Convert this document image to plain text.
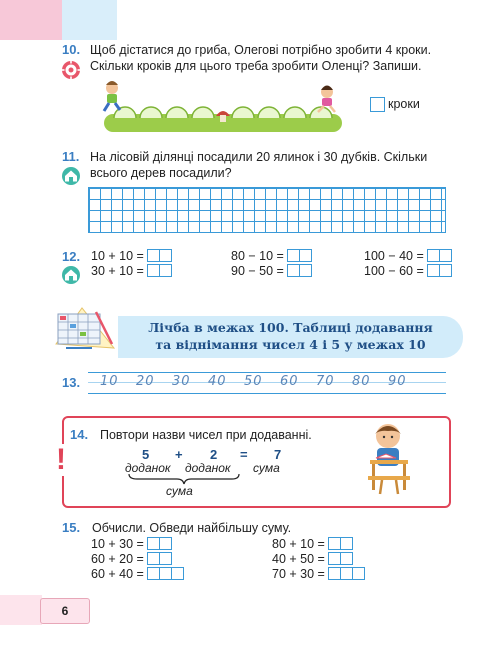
10. Щоб дістатися до гриба, Олегові потрібно зробити 4 кроки.
Скільки кроків для цього треба зробити Оленці? Запиши.
кроки
11. На лісовій ділянці посадили 20 ялинок і 30 дубків. Скільки
всього дерев посадили?
12. 10 + 10 =
30 + 10 =
80 − 10 =
90 − 50 =
100 − 40 =
100 − 60 =
Лічба в межах 100. Таблиці додавання
та віднімання чисел 4 і 5 у межах 10
13. 10 20 30 40 50 60 70 80 90
!
14. Повтори назви чисел при додаванні.
5 + 2 = 7
доданок доданок сума
сума
15. Обчисли. Обведи найбільшу суму.
10 + 30 =
60 + 20 =
60 + 40 =
80 + 10 =
40 + 50 =
70 + 30 =
6
